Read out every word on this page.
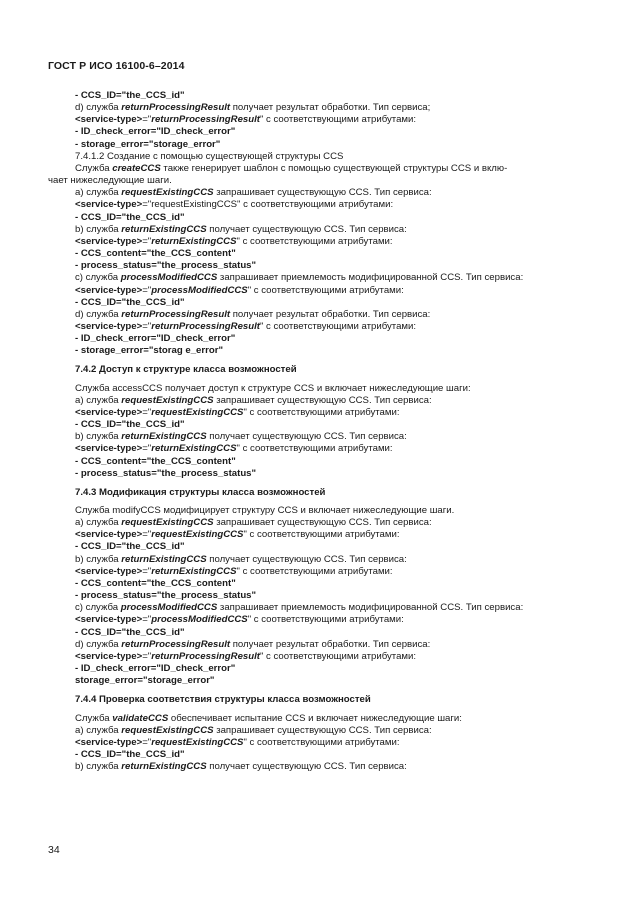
ГОСТ Р ИСО 16100-6–2014
- CCS_ID="the_CCS_id"
d) служба returnProcessingResult получает результат обработки. Тип сервиса;
<service-type>="returnProcessingResult" с соответствующими атрибутами:
- ID_check_error="ID_check_error"
- storage_error="storage_error"
7.4.1.2 Создание с помощью существующей структуры CCS
Служба createCCS также генерирует шаблон с помощью существующей структуры CCS и вклю-
чает нижеследующие шаги.
a) служба requestExistingCCS запрашивает существующую CCS. Тип сервиса:
<service-type>="requestExistingCCS" с соответствующими атрибутами:
- CCS_ID="the_CCS_id"
b) служба returnExistingCCS получает существующую CCS. Тип сервиса:
<service-type>="returnExistingCCS" с соответствующими атрибутами:
- CCS_content="the_CCS_content"
- process_status="the_process_status"
c) служба processModifiedCCS запрашивает приемлемость модифицированной CCS. Тип сервиса:
<service-type>="processModifiedCCS" с соответствующими атрибутами:
- CCS_ID="the_CCS_id"
d) служба returnProcessingResult получает результат обработки. Тип сервиса:
<service-type>="returnProcessingResult" с соответствующими атрибутами:
- ID_check_error="ID_check_error"
- storage_error="storag e_error"
7.4.2 Доступ к структуре класса возможностей
Служба accessCCS получает доступ к структуре CCS и включает нижеследующие шаги:
a) служба requestExistingCCS запрашивает существующую CCS. Тип сервиса:
<service-type>="requestExistingCCS" с соответствующими атрибутами:
- CCS_ID="the_CCS_id"
b) служба returnExistingCCS получает существующую CCS. Тип сервиса:
<service-type>="returnExistingCCS" с соответствующими атрибутами:
- CCS_content="the_CCS_content"
- process_status="the_process_status"
7.4.3 Модификация структуры класса возможностей
Служба modifyCCS модифицирует структуру CCS и включает нижеследующие шаги.
a) служба requestExistingCCS запрашивает существующую CCS. Тип сервиса:
<service-type>="requestExistingCCS" с соответствующими атрибутами:
- CCS_ID="the_CCS_id"
b) служба returnExistingCCS получает существующую CCS. Тип сервиса:
<service-type>="returnExistingCCS" с соответствующими атрибутами:
- CCS_content="the_CCS_content"
- process_status="the_process_status"
c) служба processModifiedCCS запрашивает приемлемость модифицированной CCS. Тип сервиса:
<service-type>="processModifiedCCS" с соответствующими атрибутами:
- CCS_ID="the_CCS_id"
d) служба returnProcessingResult получает результат обработки. Тип сервиса:
<service-type>="returnProcessingResult" с соответствующими атрибутами:
- ID_check_error="ID_check_error"
storage_error="storage_error"
7.4.4 Проверка соответствия структуры класса возможностей
Служба validateCCS обеспечивает испытание CCS и включает нижеследующие шаги:
a) служба requestExistingCCS запрашивает существующую CCS. Тип сервиса:
<service-type>="requestExistingCCS" с соответствующими атрибутами:
- CCS_ID="the_CCS_id"
b) служба returnExistingCCS получает существующую CCS. Тип сервиса:
34
